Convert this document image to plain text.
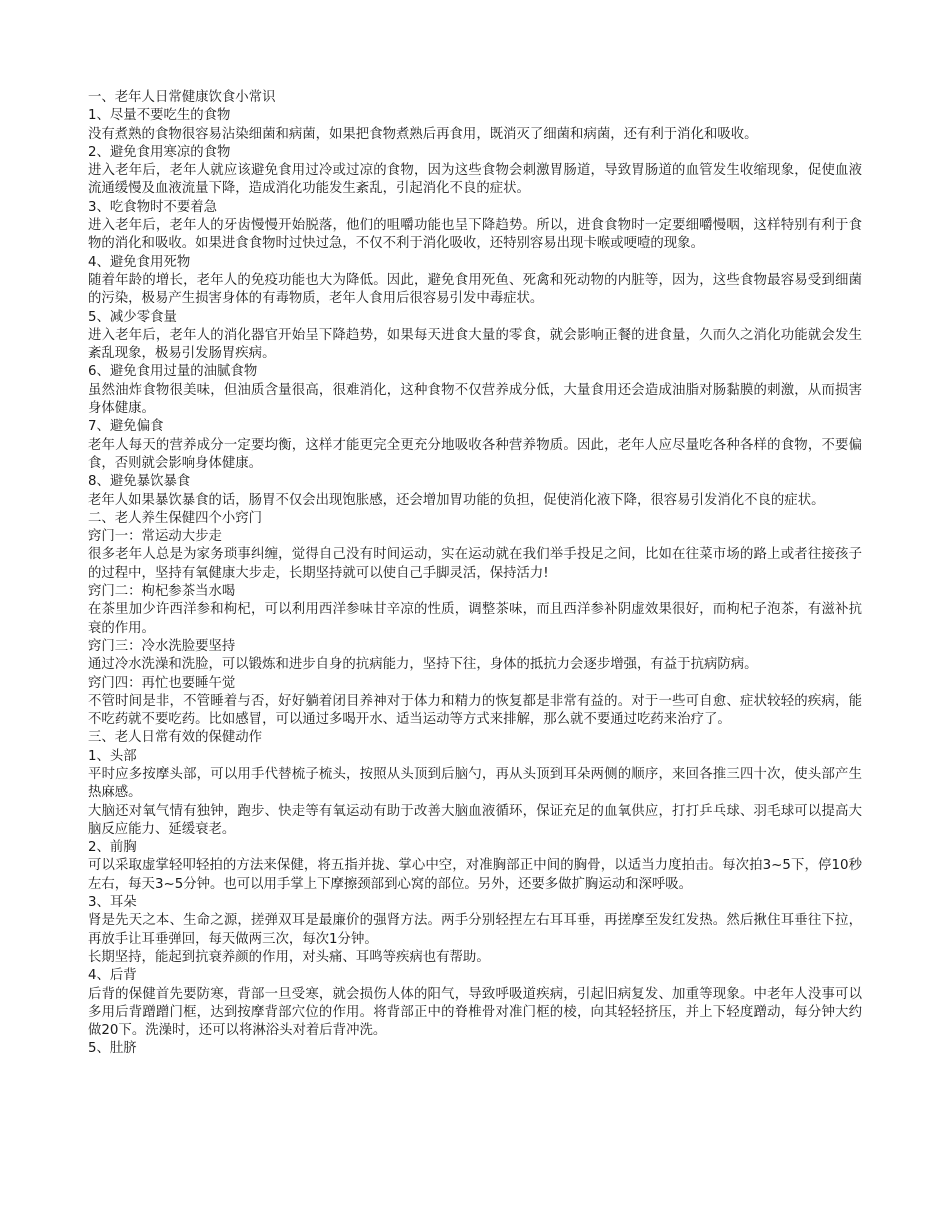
一、老年人日常健康饮食小常识

1、尽量不要吃生的食物

没有煮熟的食物很容易沾染细菌和病菌，如果把食物煮熟后再食用，既消灭了细菌和病菌，还有利于消化和吸收。

2、避免食用寒凉的食物

进入老年后，老年人就应该避免食用过冷或过凉的食物，因为这些食物会刺激胃肠道，导致胃肠道的血管发生收缩现象，促使血液流通缓慢及血液流量下降，造成消化功能发生紊乱，引起消化不良的症状。

3、吃食物时不要着急

进入老年后，老年人的牙齿慢慢开始脱落，他们的咀嚼功能也呈下降趋势。所以，进食食物时一定要细嚼慢咽，这样特别有利于食物的消化和吸收。如果进食食物时过快过急，不仅不利于消化吸收，还特别容易出现卡喉或哽噎的现象。

4、避免食用死物

随着年龄的增长，老年人的免疫功能也大为降低。因此，避免食用死鱼、死禽和死动物的内脏等，因为，这些食物最容易受到细菌的污染，极易产生损害身体的有毒物质，老年人食用后很容易引发中毒症状。

5、减少零食量

进入老年后，老年人的消化器官开始呈下降趋势，如果每天进食大量的零食，就会影响正餐的进食量，久而久之消化功能就会发生紊乱现象，极易引发肠胃疾病。

6、避免食用过量的油腻食物

虽然油炸食物很美味，但油质含量很高，很难消化，这种食物不仅营养成分低，大量食用还会造成油脂对肠黏膜的刺激，从而损害身体健康。

7、避免偏食

老年人每天的营养成分一定要均衡，这样才能更完全更充分地吸收各种营养物质。因此，老年人应尽量吃各种各样的食物，不要偏食，否则就会影响身体健康。

8、避免暴饮暴食

老年人如果暴饮暴食的话，肠胃不仅会出现饱胀感，还会增加胃功能的负担，促使消化液下降，很容易引发消化不良的症状。

二、老人养生保健四个小窍门

窍门一：常运动大步走

很多老年人总是为家务琐事纠缠，觉得自己没有时间运动，实在运动就在我们举手投足之间，比如在往菜市场的路上或者往接孩子的过程中，坚持有氧健康大步走，长期坚持就可以使自己手脚灵活，保持活力!

窍门二：枸杞参茶当水喝

在茶里加少许西洋参和枸杞，可以利用西洋参味甘辛凉的性质，调整茶味，而且西洋参补阴虚效果很好，而枸杞子泡茶，有滋补抗衰的作用。

窍门三：冷水洗脸要坚持

通过冷水洗澡和洗脸，可以锻炼和进步自身的抗病能力，坚持下往，身体的抵抗力会逐步增强，有益于抗病防病。

窍门四：再忙也要睡午觉

不管时间是非，不管睡着与否，好好躺着闭目养神对于体力和精力的恢复都是非常有益的。对于一些可自愈、症状较轻的疾病，能不吃药就不要吃药。比如感冒，可以通过多喝开水、适当运动等方式来排解，那么就不要通过吃药来治疗了。

三、老人日常有效的保健动作

1、头部

平时应多按摩头部，可以用手代替梳子梳头，按照从头顶到后脑勺，再从头顶到耳朵两侧的顺序，来回各推三四十次，使头部产生热麻感。

大脑还对氧气情有独钟，跑步、快走等有氧运动有助于改善大脑血液循环，保证充足的血氧供应，打打乒乓球、羽毛球可以提高大脑反应能力、延缓衰老。

2、前胸

可以采取虚掌轻叩轻拍的方法来保健，将五指并拢、掌心中空，对准胸部正中间的胸骨，以适当力度拍击。每次拍3~5下，停10秒左右，每天3~5分钟。也可以用手掌上下摩擦颈部到心窝的部位。另外，还要多做扩胸运动和深呼吸。

3、耳朵

肾是先天之本、生命之源，搓弹双耳是最廉价的强肾方法。两手分别轻捏左右耳耳垂，再搓摩至发红发热。然后揪住耳垂往下拉，再放手让耳垂弹回，每天做两三次，每次1分钟。

长期坚持，能起到抗衰养颜的作用，对头痛、耳鸣等疾病也有帮助。

4、后背

后背的保健首先要防寒，背部一旦受寒，就会损伤人体的阳气，导致呼吸道疾病，引起旧病复发、加重等现象。中老年人没事可以多用后背蹭蹭门框，达到按摩背部穴位的作用。将背部正中的脊椎骨对准门框的棱，向其轻轻挤压，并上下轻度蹭动，每分钟大约做20下。洗澡时，还可以将淋浴头对着后背冲洗。

5、肚脐
